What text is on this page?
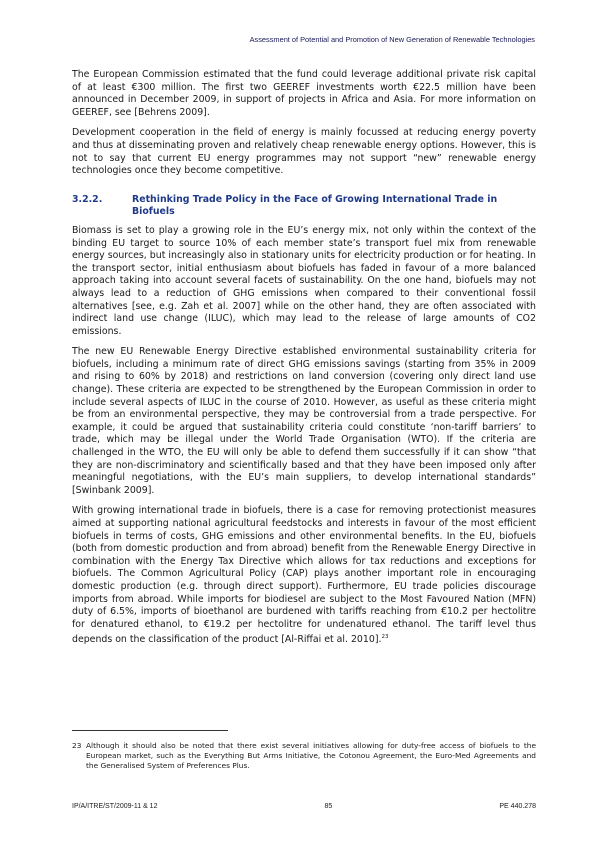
Assessment of Potential and Promotion of New Generation of Renewable Technologies

The European Commission estimated that the fund could leverage additional private risk capital of at least €300 million. The first two GEEREF investments worth €22.5 million have been announced in December 2009, in support of projects in Africa and Asia. For more information on GEEREF, see [Behrens 2009].

Development cooperation in the field of energy is mainly focussed at reducing energy poverty and thus at disseminating proven and relatively cheap renewable energy options. However, this is not to say that current EU energy programmes may not support “new” renewable energy technologies once they become competitive.

3.2.2.	Rethinking Trade Policy in the Face of Growing International Trade in Biofuels

Biomass is set to play a growing role in the EU’s energy mix, not only within the context of the binding EU target to source 10% of each member state’s transport fuel mix from renewable energy sources, but increasingly also in stationary units for electricity production or for heating. In the transport sector, initial enthusiasm about biofuels has faded in favour of a more balanced approach taking into account several facets of sustainability. On the one hand, biofuels may not always lead to a reduction of GHG emissions when compared to their conventional fossil alternatives [see, e.g. Zah et al. 2007] while on the other hand, they are often associated with indirect land use change (ILUC), which may lead to the release of large amounts of CO2 emissions.

The new EU Renewable Energy Directive established environmental sustainability criteria for biofuels, including a minimum rate of direct GHG emissions savings (starting from 35% in 2009 and rising to 60% by 2018) and restrictions on land conversion (covering only direct land use change). These criteria are expected to be strengthened by the European Commission in order to include several aspects of ILUC in the course of 2010. However, as useful as these criteria might be from an environmental perspective, they may be controversial from a trade perspective. For example, it could be argued that sustainability criteria could constitute ‘non-tariff barriers’ to trade, which may be illegal under the World Trade Organisation (WTO). If the criteria are challenged in the WTO, the EU will only be able to defend them successfully if it can show “that they are non-discriminatory and scientifically based and that they have been imposed only after meaningful negotiations, with the EU’s main suppliers, to develop international standards” [Swinbank 2009].

With growing international trade in biofuels, there is a case for removing protectionist measures aimed at supporting national agricultural feedstocks and interests in favour of the most efficient biofuels in terms of costs, GHG emissions and other environmental benefits. In the EU, biofuels (both from domestic production and from abroad) benefit from the Renewable Energy Directive in combination with the Energy Tax Directive which allows for tax reductions and exceptions for biofuels. The Common Agricultural Policy (CAP) plays another important role in encouraging domestic production (e.g. through direct support). Furthermore, EU trade policies discourage imports from abroad. While imports for biodiesel are subject to the Most Favoured Nation (MFN) duty of 6.5%, imports of bioethanol are burdened with tariffs reaching from €10.2 per hectolitre for denatured ethanol, to €19.2 per hectolitre for undenatured ethanol. The tariff level thus depends on the classification of the product [Al-Riffai et al. 2010].$^{23}$

23 Although it should also be noted that there exist several initiatives allowing for duty-free access of biofuels to the European market, such as the Everything But Arms Initiative, the Cotonou Agreement, the Euro-Med Agreements and the Generalised System of Preferences Plus.
IP/A/ITRE/ST/2009-11 & 12	85	PE 440.278
